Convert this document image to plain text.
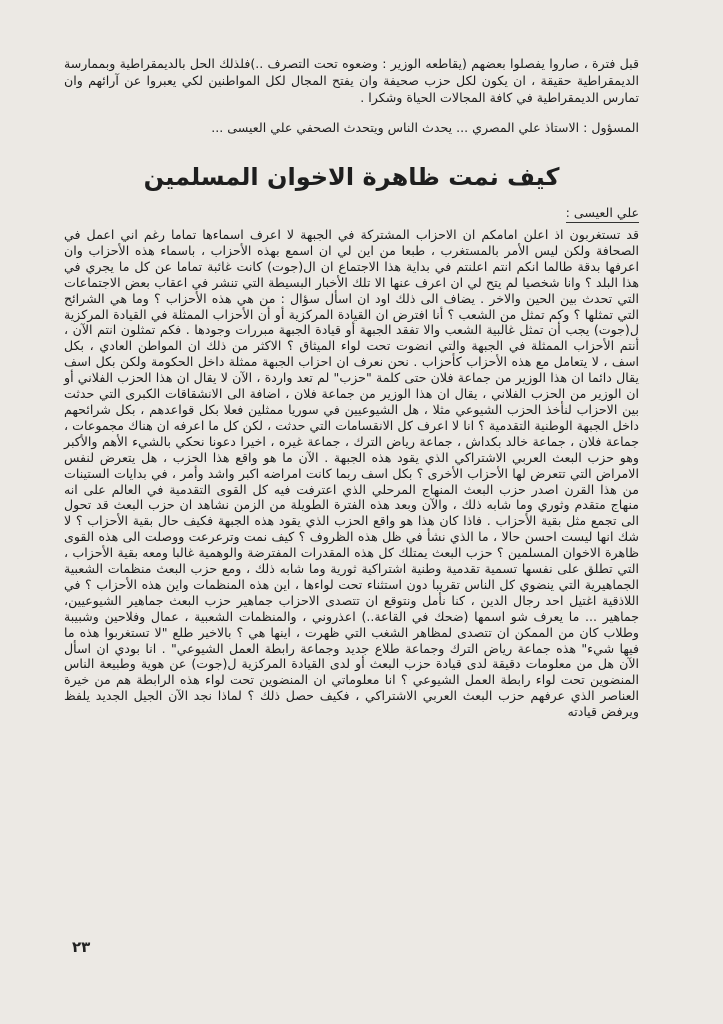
قبل فترة ، صاروا يفصلوا بعضهم (يقاطعه الوزير : وضعوه تحت التصرف ..)فلذلك الحل بالديمقراطية وبممارسة الديمقراطية حقيقة ، ان يكون لكل حزب صحيفة وان يفتح المجال لكل المواطنين لكي يعبروا عن آرائهم وان تمارس الديمقراطية في كافة المجالات الحياة وشكرا .

المسؤول : الاستاذ علي المصري ... يحدث الناس ويتحدث الصحفي علي العيسى ...

كيف نمت ظاهرة الاخوان المسلمين
علي العيسى :

قد تستغربون اذ اعلن امامكم ان الاحزاب المشتركة في الجبهة لا اعرف اسماءها تماما رغم اني اعمل في الصحافة ولكن ليس الأمر بالمستغرب ، طبعا من اين لي ان اسمع بهذه الأحزاب ، باسماء هذه الأحزاب وان اعرفها بدقة طالما انكم انتم اعلنتم في بداية هذا الاجتماع ان ال(جوت) كانت غائبة تماما عن كل ما يجري في هذا البلد ؟ وانا شخصيا لم يتح لي ان اعرف عنها الا تلك الأخبار البسيطة التي تنشر في اعقاب بعض الاجتماعات التي تحدث بين الحين والاخر . يضاف الى ذلك اود ان اسأل سؤال : من هي هذه الأحزاب ؟ وما هي الشرائح التي تمثلها ؟ وكم تمثل من الشعب ؟ أنا افترض ان القيادة المركزية أو أن الأحزاب الممثلة في القيادة المركزية ل(جوت) يجب أن تمثل غالبية الشعب والا تفقد الجبهة أو قيادة الجبهة مبررات وجودها . فكم تمثلون انتم الآن ، أنتم الأحزاب الممثلة في الجبهة والتي انضوت تحت لواء الميثاق ؟ الاكثر من ذلك ان المواطن العادي ، بكل اسف ، لا يتعامل مع هذه الأحزاب كأحزاب . نحن نعرف ان احزاب الجبهة ممثلة داخل الحكومة ولكن بكل اسف يقال دائما ان هذا الوزير من جماعة فلان حتى كلمة "حزب" لم تعد واردة ، الآن لا يقال ان هذا الحزب الفلاني أو ان الوزير من الحزب الفلاني ، يقال ان هذا الوزير من جماعة فلان ، اضافة الى الانشقاقات الكبرى التي حدثت بين الاحزاب لنأخذ الحزب الشيوعي مثلا ، هل الشيوعيين في سوريا ممثلين فعلا بكل قواعدهم ، بكل شرائحهم داخل الجبهة الوطنية التقدمية ؟ انا لا اعرف كل الانقسامات التي حدثت ، لكن كل ما اعرفه ان هناك مجموعات ، جماعة فلان ، جماعة خالد بكداش ، جماعة رياض الترك ، جماعة غيره ، اخيرا دعونا نحكي بالشيء الأهم والأكبر وهو حزب البعث العربي الاشتراكي الذي يقود هذه الجبهة . الآن ما هو واقع هذا الحزب ، هل يتعرض لنفس الامراض التي تتعرض لها الأحزاب الأخرى ؟ بكل اسف ربما كانت امراضه اكبر واشد وأمر ، في بدايات الستينات من هذا القرن اصدر حزب البعث المنهاج المرحلي الذي اعترفت فيه كل القوى التقدمية في العالم على انه منهاج متقدم وثوري وما شابه ذلك ، والآن وبعد هذه الفترة الطويلة من الزمن نشاهد ان حزب البعث قد تحول الى تجمع مثل بقية الأحزاب . فاذا كان هذا هو واقع الحزب الذي يقود هذه الجبهة فكيف حال بقية الأحزاب ؟ لا شك انها ليست احسن حالا ، ما الذي نشأ في ظل هذه الظروف ؟ كيف نمت وترعرعت ووصلت الى هذه القوى ظاهرة الاخوان المسلمين ؟ حزب البعث يمتلك كل هذه المقدرات المفترضة والوهمية غالبا ومعه بقية الأحزاب ، التي تطلق على نفسها تسمية تقدمية وطنية اشتراكية ثورية وما شابه ذلك ، ومع حزب البعث منظمات الشعبية الجماهيرية التي ينضوي كل الناس تقريبا دون استثناء تحت لواءها ، اين هذه المنظمات واين هذه الأحزاب ؟ في اللاذقية اغتيل احد رجال الدين ، كنا نأمل ونتوقع ان تتصدى الاحزاب جماهير حزب البعث جماهير الشيوعيين، جماهير ... ما يعرف شو اسمها (ضحك في القاعة..) اعذروني ، والمنظمات الشعبية ، عمال وفلاحين وشبيبة وطلاب كان من الممكن ان تتصدى لمظاهر الشغب التي ظهرت ، اينها هي ؟ بالاخير طلع "لا تستغربوا هذه ما فيها شيء" هذه جماعة رياض الترك وجماعة طلاع جديد وجماعة رابطة العمل الشيوعي" . انا بودي ان اسأل الآن هل من معلومات دقيقة لدى قيادة حزب البعث أو لدى القيادة المركزية ل(جوت) عن هوية وطبيعة الناس المنضوين تحت لواء رابطة العمل الشيوعي ؟ انا معلوماتي ان المنضوين تحت لواء هذه الرابطة هم من خيرة العناصر الذي عرفهم حزب البعث العربي الاشتراكي ، فكيف حصل ذلك ؟ لماذا نجد الآن الجيل الجديد يلفظ ويرفض قيادته

٢٣
